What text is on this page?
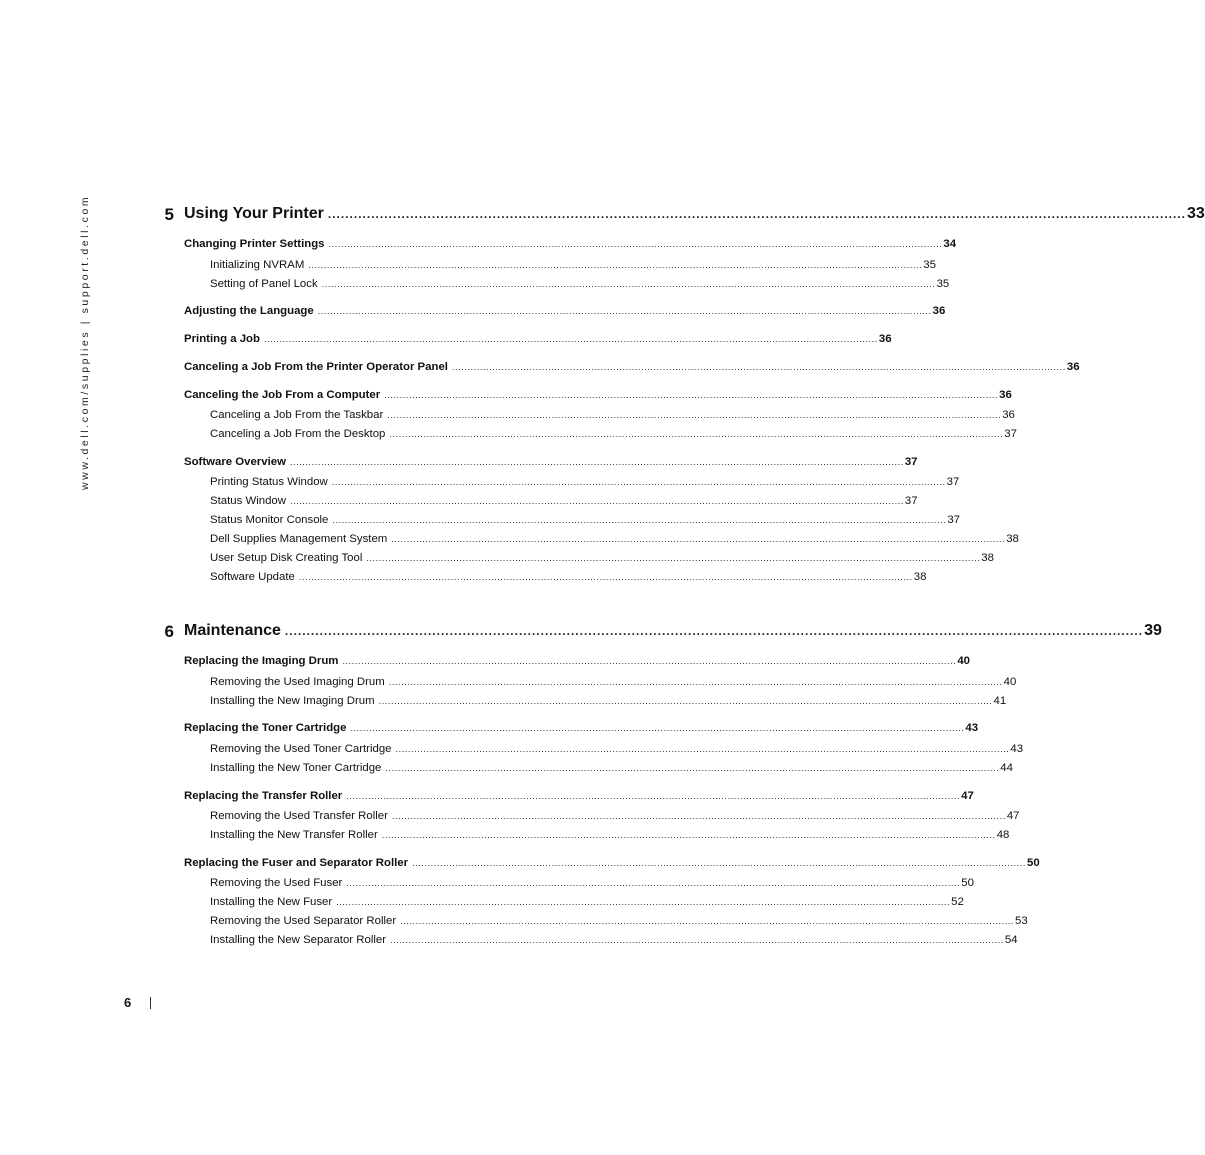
www.dell.com/supplies | support.dell.com	5 Using Your Printer ...................................................................................................................................................................................................... 33
Changing Printer Settings ...................................................................................................................................................................................................... 34
Initializing NVRAM ...................................................................................................................................................................................................... 35
Setting of Panel Lock ...................................................................................................................................................................................................... 35
Adjusting the Language ...................................................................................................................................................................................................... 36
Printing a Job ...................................................................................................................................................................................................... 36
Canceling a Job From the Printer Operator Panel ...................................................................................................................................................................................................... 36
Canceling the Job From a Computer ...................................................................................................................................................................................................... 36
Canceling a Job From the Taskbar ...................................................................................................................................................................................................... 36
Canceling a Job From the Desktop ...................................................................................................................................................................................................... 37
Software Overview ...................................................................................................................................................................................................... 37
Printing Status Window ...................................................................................................................................................................................................... 37
Status Window ...................................................................................................................................................................................................... 37
Status Monitor Console ...................................................................................................................................................................................................... 37
Dell Supplies Management System ...................................................................................................................................................................................................... 38
User Setup Disk Creating Tool ...................................................................................................................................................................................................... 38
Software Update ...................................................................................................................................................................................................... 38
6 Maintenance ...................................................................................................................................................................................................... 39
Replacing the Imaging Drum ...................................................................................................................................................................................................... 40
Removing the Used Imaging Drum ...................................................................................................................................................................................................... 40
Installing the New Imaging Drum ...................................................................................................................................................................................................... 41
Replacing the Toner Cartridge ...................................................................................................................................................................................................... 43
Removing the Used Toner Cartridge ...................................................................................................................................................................................................... 43
Installing the New Toner Cartridge ...................................................................................................................................................................................................... 44
Replacing the Transfer Roller ...................................................................................................................................................................................................... 47
Removing the Used Transfer Roller ...................................................................................................................................................................................................... 47
Installing the New Transfer Roller ...................................................................................................................................................................................................... 48
Replacing the Fuser and Separator Roller ...................................................................................................................................................................................................... 50
Removing the Used Fuser ...................................................................................................................................................................................................... 50
Installing the New Fuser ...................................................................................................................................................................................................... 52
Removing the Used Separator Roller ...................................................................................................................................................................................................... 53
Installing the New Separator Roller ...................................................................................................................................................................................................... 54
6
